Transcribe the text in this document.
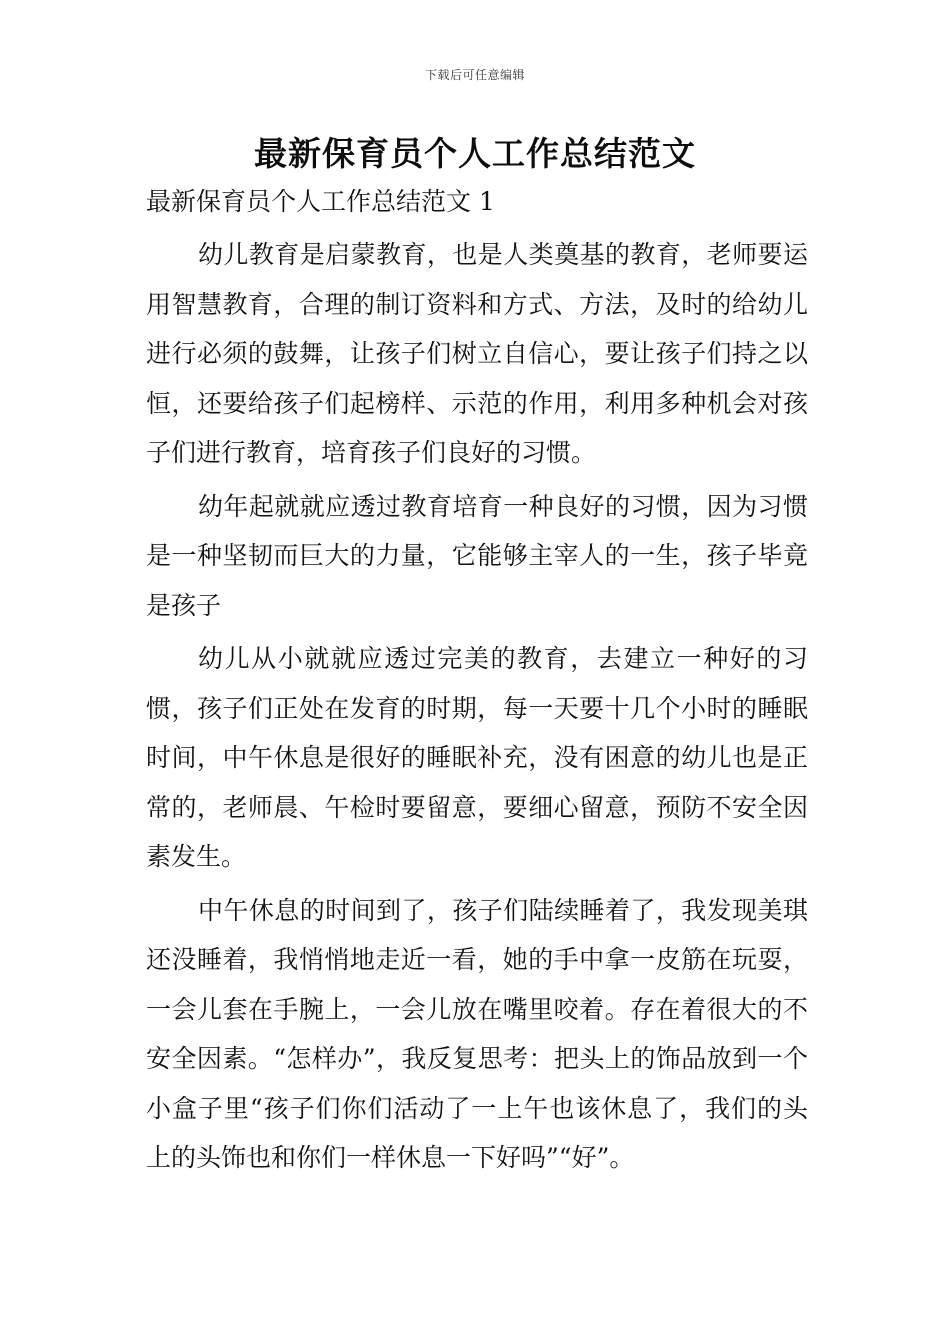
下载后可任意编辑
最新保育员个人工作总结范文

最新保育员个人工作总结范文 1

幼儿教育是启蒙教育，也是人类奠基的教育，老师要运用智慧教育，合理的制订资料和方式、方法，及时的给幼儿进行必须的鼓舞，让孩子们树立自信心，要让孩子们持之以恒，还要给孩子们起榜样、示范的作用，利用多种机会对孩子们进行教育，培育孩子们良好的习惯。

幼年起就就应透过教育培育一种良好的习惯，因为习惯是一种坚韧而巨大的力量，它能够主宰人的一生，孩子毕竟是孩子

幼儿从小就就应透过完美的教育，去建立一种好的习惯，孩子们正处在发育的时期，每一天要十几个小时的睡眠时间，中午休息是很好的睡眠补充，没有困意的幼儿也是正常的，老师晨、午检时要留意，要细心留意，预防不安全因素发生。

中午休息的时间到了，孩子们陆续睡着了，我发现美琪还没睡着，我悄悄地走近一看，她的手中拿一皮筋在玩耍，一会儿套在手腕上，一会儿放在嘴里咬着。存在着很大的不安全因素。“怎样办”，我反复思考：把头上的饰品放到一个小盒子里“孩子们你们活动了一上午也该休息了，我们的头上的头饰也和你们一样休息一下好吗”“好”。
